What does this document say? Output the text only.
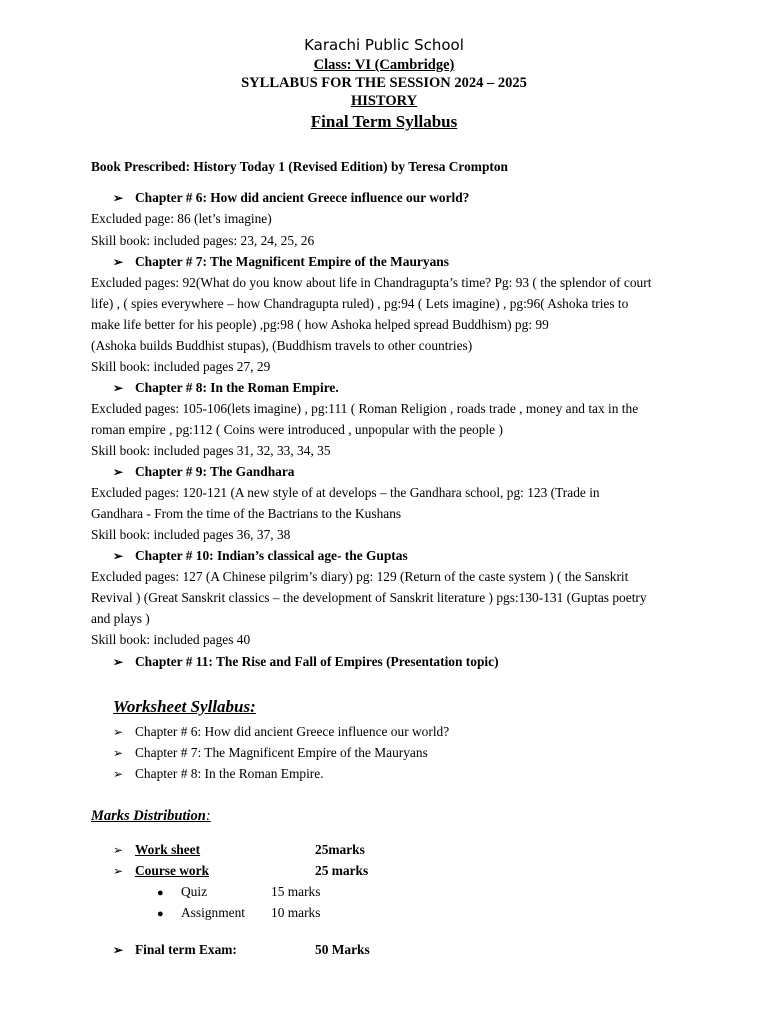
Karachi Public School
Class: VI (Cambridge)
SYLLABUS FOR THE SESSION 2024 – 2025
HISTORY
Final Term Syllabus
Book Prescribed: History Today 1 (Revised Edition) by Teresa Crompton
➢ Chapter # 6: How did ancient Greece influence our world?
Excluded page: 86 (let’s imagine)
Skill book: included pages: 23, 24, 25, 26
➢ Chapter # 7: The Magnificent Empire of the Mauryans
Excluded pages: 92(What do you know about life in Chandragupta’s time? Pg: 93 ( the splendor of court
life) , ( spies everywhere – how Chandragupta ruled) , pg:94 ( Lets imagine) , pg:96( Ashoka tries to
make life better for his people) ,pg:98 ( how Ashoka helped spread Buddhism) pg: 99
(Ashoka builds Buddhist stupas), (Buddhism travels to other countries)
Skill book: included pages 27, 29
➢ Chapter # 8: In the Roman Empire.
Excluded pages: 105-106(lets imagine) , pg:111 ( Roman Religion , roads trade , money and tax in the
roman empire , pg:112 ( Coins were introduced , unpopular with the people )
Skill book: included pages 31, 32, 33, 34, 35
➢ Chapter # 9: The Gandhara
Excluded pages: 120-121 (A new style of at develops – the Gandhara school, pg: 123 (Trade in
Gandhara - From the time of the Bactrians to the Kushans
Skill book: included pages 36, 37, 38
➢ Chapter # 10: Indian’s classical age- the Guptas
Excluded pages: 127 (A Chinese pilgrim’s diary) pg: 129 (Return of the caste system ) ( the Sanskrit
Revival ) (Great Sanskrit classics – the development of Sanskrit literature ) pgs:130-131 (Guptas poetry
and plays )
Skill book: included pages 40
➢ Chapter # 11: The Rise and Fall of Empires (Presentation topic)
Worksheet Syllabus:
➢ Chapter # 6: How did ancient Greece influence our world?
➢ Chapter # 7: The Magnificent Empire of the Mauryans
➢ Chapter # 8: In the Roman Empire.
Marks Distribution:
➢ Work sheet	25marks
➢ Course work	25 marks
● Quiz	15 marks
● Assignment 10 marks
➢ Final term Exam:	50 Marks
